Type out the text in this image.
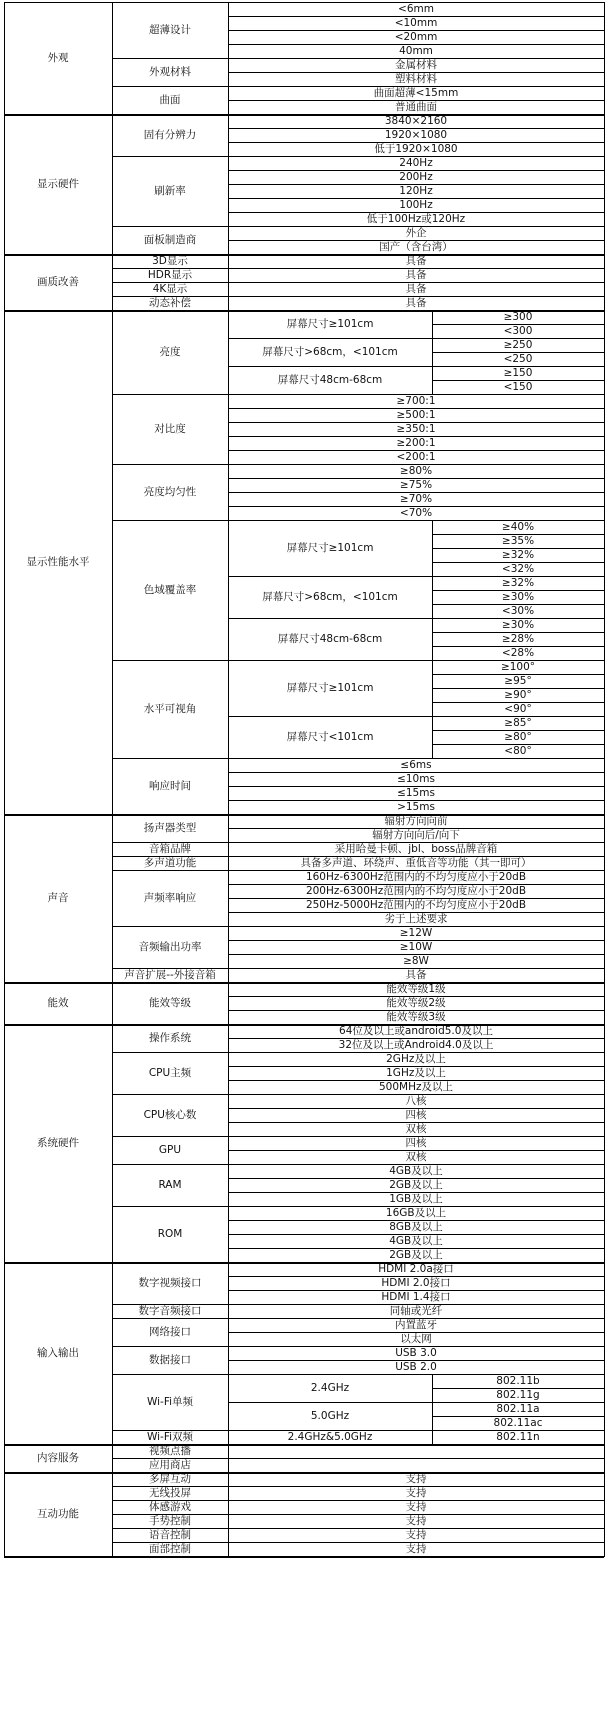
<6mm
<10mm
<20mm
40mm
超薄设计
金属材料
塑料材料
外观材料
曲面超薄<15mm
普通曲面
曲面
外观
3840×2160
1920×1080
低于1920×1080
固有分辨力
240Hz
200Hz
120Hz
100Hz
低于100Hz或120Hz
刷新率
外企
国产（含台湾）
面板制造商
显示硬件
具备
3D显示
具备
HDR显示
具备
4K显示
具备
动态补偿
画质改善
≥300
<300
屏幕尺寸≥101cm
≥250
<250
屏幕尺寸>68cm，<101cm
≥150
<150
屏幕尺寸48cm-68cm
亮度
≥700:1
≥500:1
≥350:1
≥200:1
<200:1
对比度
≥80%
≥75%
≥70%
<70%
亮度均匀性
≥40%
≥35%
≥32%
<32%
屏幕尺寸≥101cm
≥32%
≥30%
<30%
屏幕尺寸>68cm，<101cm
≥30%
≥28%
<28%
屏幕尺寸48cm-68cm
色域覆盖率
≥100°
≥95°
≥90°
<90°
屏幕尺寸≥101cm
≥85°
≥80°
<80°
屏幕尺寸<101cm
水平可视角
≤6ms
≤10ms
≤15ms
>15ms
响应时间
显示性能水平
辐射方向向前
辐射方向向后/向下
扬声器类型
采用哈曼卡顿、jbl、boss品牌音箱
音箱品牌
具备多声道、环绕声、重低音等功能（其一即可）
多声道功能
160Hz-6300Hz范围内的不均匀度应小于20dB
200Hz-6300Hz范围内的不均匀度应小于20dB
250Hz-5000Hz范围内的不均匀度应小于20dB
劣于上述要求
声频率响应
≥12W
≥10W
≥8W
音频输出功率
具备
声音扩展--外接音箱
声音
能效等级1级
能效等级2级
能效等级3级
能效等级
能效
64位及以上或android5.0及以上
32位及以上或Android4.0及以上
操作系统
2GHz及以上
1GHz及以上
500MHz及以上
CPU主频
八核
四核
双核
CPU核心数
四核
双核
GPU
4GB及以上
2GB及以上
1GB及以上
RAM
16GB及以上
8GB及以上
4GB及以上
2GB及以上
ROM
系统硬件
HDMI 2.0a接口
HDMI 2.0接口
HDMI 1.4接口
数字视频接口
同轴或光纤
数字音频接口
内置蓝牙
以太网
网络接口
USB 3.0
USB 2.0
数据接口
802.11b
802.11g
2.4GHz
802.11a
802.11ac
5.0GHz
Wi-Fi单频
802.11n
2.4GHz&5.0GHz
Wi-Fi双频
输入输出
视频点播
应用商店
内容服务
支持
多屏互动
支持
无线投屏
支持
体感游戏
支持
手势控制
支持
语音控制
支持
面部控制
互动功能
